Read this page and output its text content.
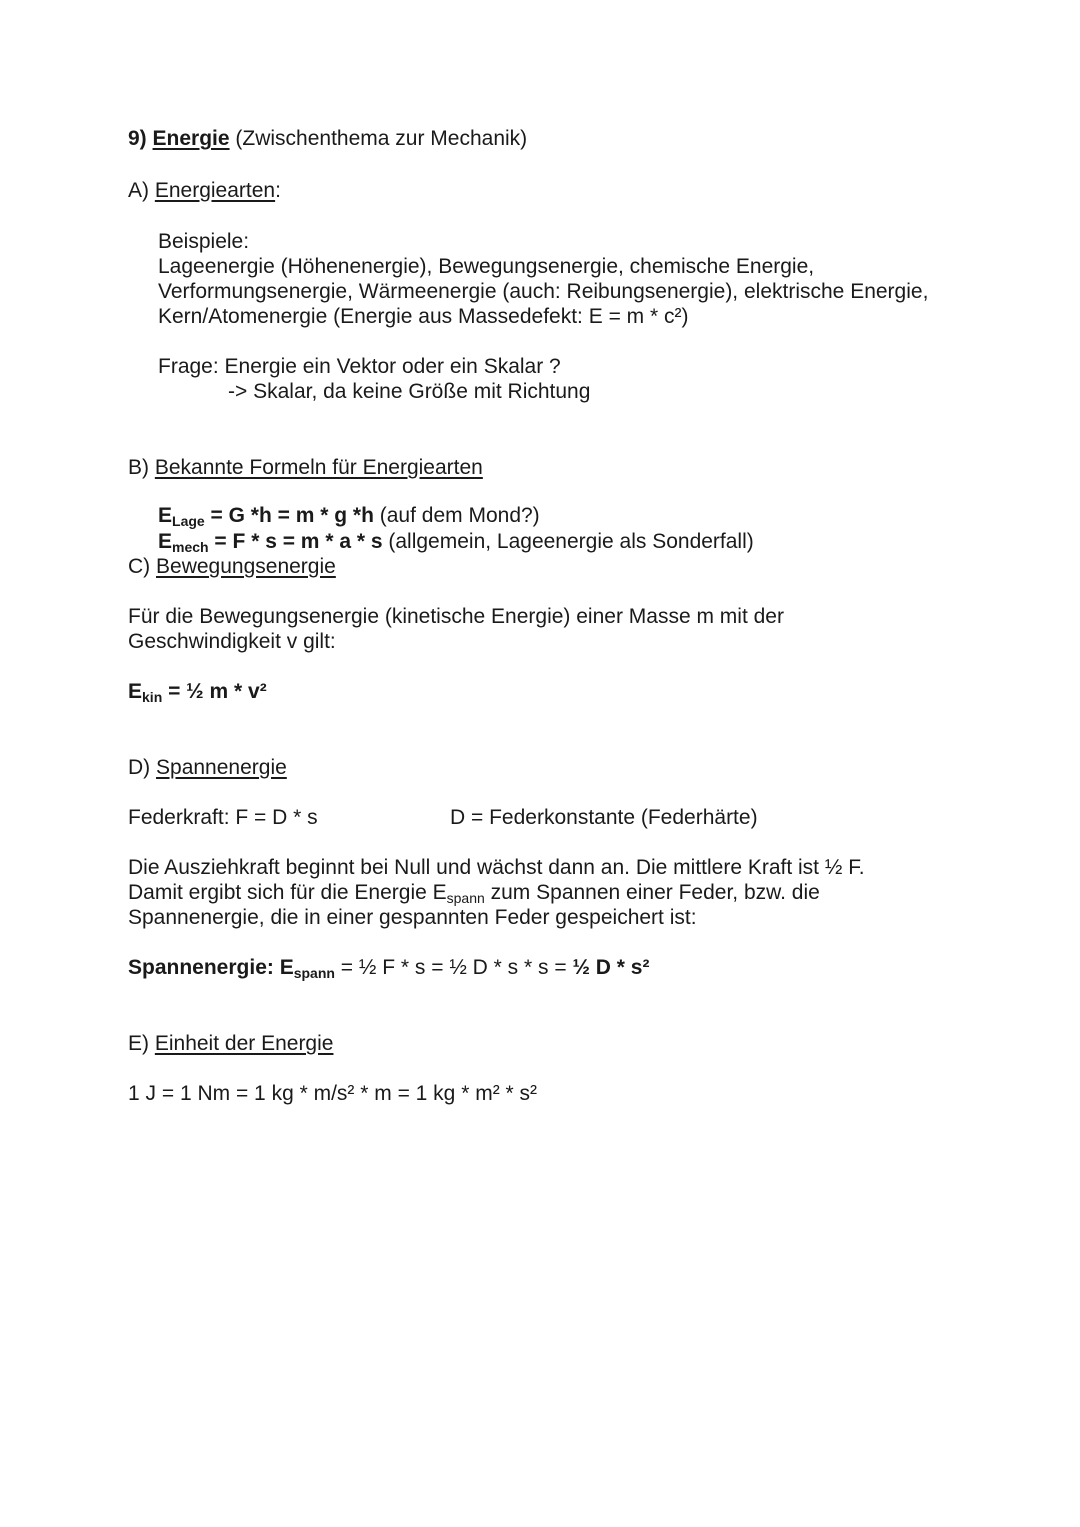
9) Energie (Zwischenthema zur Mechanik)
A) Energiearten:
Beispiele:
Lageenergie (Höhenenergie), Bewegungsenergie, chemische Energie,
Verformungsenergie, Wärmeenergie (auch: Reibungsenergie), elektrische Energie,
Kern/Atomenergie (Energie aus Massedefekt: E = m * c²)
Frage: Energie ein Vektor oder ein Skalar ?
-> Skalar, da keine Größe mit Richtung
B) Bekannte Formeln für Energiearten
$E_{Lage} = G$ *h = m * g *h (auf dem Mond?)
$E_{mech} = F * s = m * a * s$ (allgemein, Lageenergie als Sonderfall)
C) Bewegungsenergie
Für die Bewegungsenergie (kinetische Energie) einer Masse m mit der
Geschwindigkeit v gilt:
$E_{kin}$ = ½ m * v²
D) Spannenergie
Federkraft: F = D * s	D = Federkonstante (Federhärte)
Die Ausziehkraft beginnt bei Null und wächst dann an. Die mittlere Kraft ist ½ F.
Damit ergibt sich für die Energie $E_{spann}$ zum Spannen einer Feder, bzw. die
Spannenergie, die in einer gespannten Feder gespeichert ist:
Spannenergie: $E_{spann}$ = ½ F * s = ½ D * s * s = ½ D * s²
E) Einheit der Energie
1 J = 1 Nm = 1 kg * m/s² * m = 1 kg * m² * s²
